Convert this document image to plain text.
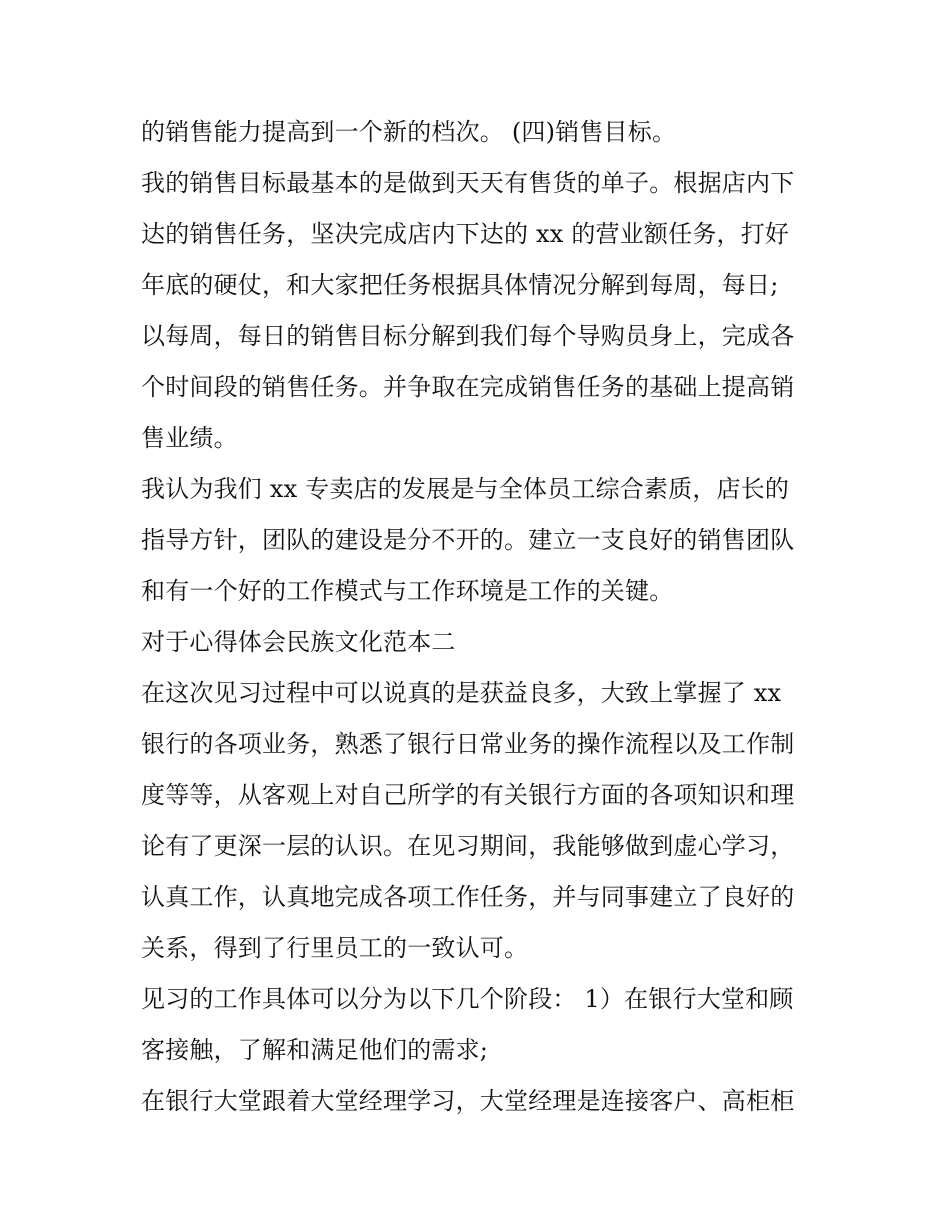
的销售能力提高到一个新的档次。 (四)销售目标。

我的销售目标最基本的是做到天天有售货的单子。根据店内下

达的销售任务，坚决完成店内下达的 xx 的营业额任务，打好

年底的硬仗，和大家把任务根据具体情况分解到每周，每日;

以每周，每日的销售目标分解到我们每个导购员身上，完成各

个时间段的销售任务。并争取在完成销售任务的基础上提高销

售业绩。

我认为我们 xx 专卖店的发展是与全体员工综合素质，店长的

指导方针，团队的建设是分不开的。建立一支良好的销售团队

和有一个好的工作模式与工作环境是工作的关键。

对于心得体会民族文化范本二

在这次见习过程中可以说真的是获益良多，大致上掌握了 xx

银行的各项业务，熟悉了银行日常业务的操作流程以及工作制

度等等，从客观上对自己所学的有关银行方面的各项知识和理

论有了更深一层的认识。在见习期间，我能够做到虚心学习，

认真工作，认真地完成各项工作任务，并与同事建立了良好的

关系，得到了行里员工的一致认可。

见习的工作具体可以分为以下几个阶段： 1）在银行大堂和顾

客接触，了解和满足他们的需求;

在银行大堂跟着大堂经理学习，大堂经理是连接客户、高柜柜
